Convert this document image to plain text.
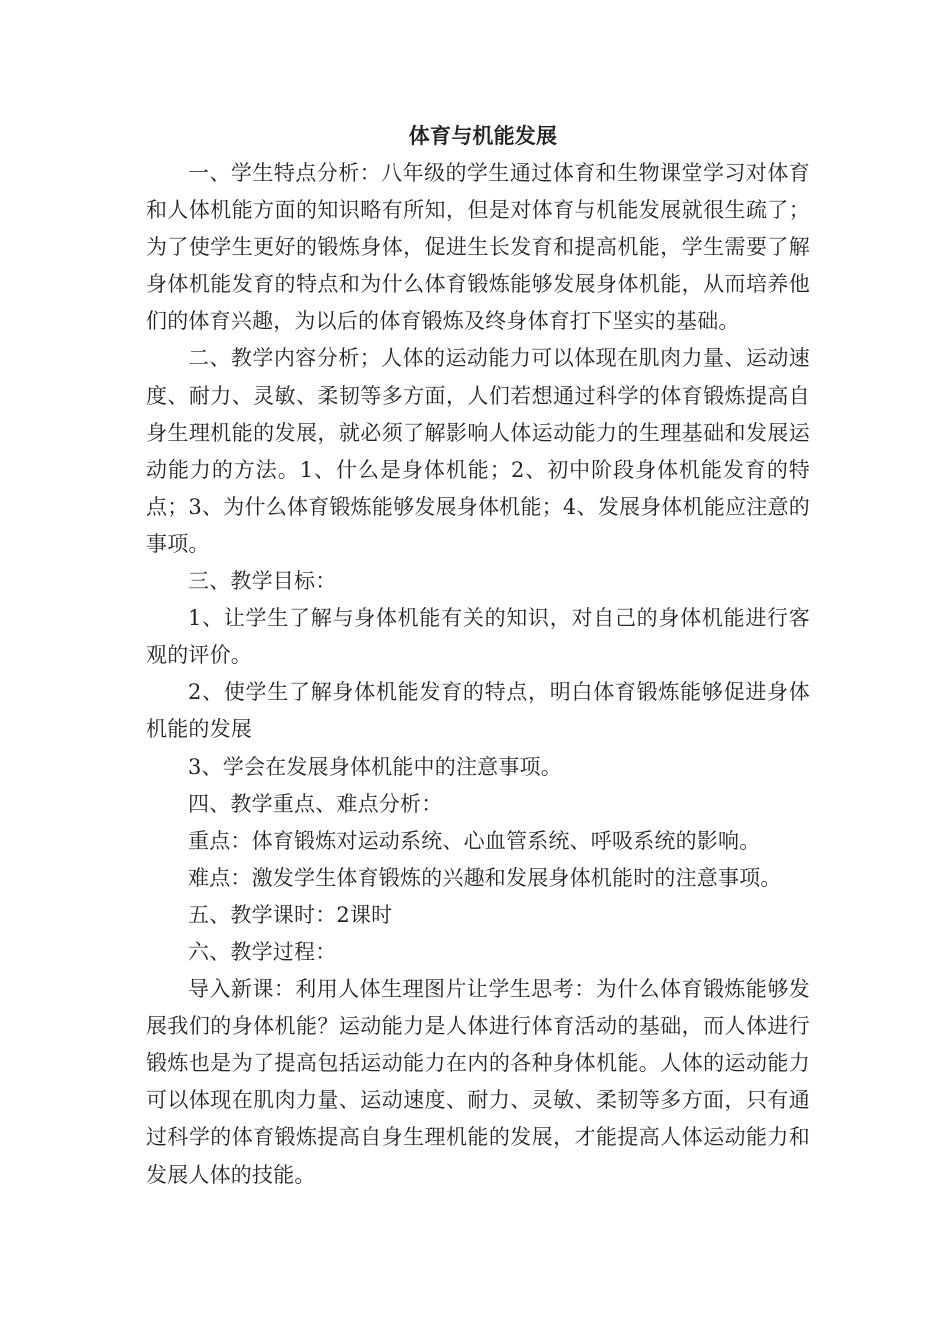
体育与机能发展

一、学生特点分析：八年级的学生通过体育和生物课堂学习对体育和人体机能方面的知识略有所知，但是对体育与机能发展就很生疏了；为了使学生更好的锻炼身体，促进生长发育和提高机能，学生需要了解身体机能发育的特点和为什么体育锻炼能够发展身体机能，从而培养他们的体育兴趣，为以后的体育锻炼及终身体育打下坚实的基础。

二、教学内容分析；人体的运动能力可以体现在肌肉力量、运动速度、耐力、灵敏、柔韧等多方面，人们若想通过科学的体育锻炼提高自身生理机能的发展，就必须了解影响人体运动能力的生理基础和发展运动能力的方法。1、什么是身体机能；2、初中阶段身体机能发育的特点；3、为什么体育锻炼能够发展身体机能；4、发展身体机能应注意的事项。

三、教学目标：

1、让学生了解与身体机能有关的知识，对自己的身体机能进行客观的评价。

2、使学生了解身体机能发育的特点，明白体育锻炼能够促进身体机能的发展

3、学会在发展身体机能中的注意事项。

四、教学重点、难点分析：

重点：体育锻炼对运动系统、心血管系统、呼吸系统的影响。

难点：激发学生体育锻炼的兴趣和发展身体机能时的注意事项。

五、教学课时：2课时

六、教学过程：

导入新课：利用人体生理图片让学生思考：为什么体育锻炼能够发展我们的身体机能？运动能力是人体进行体育活动的基础，而人体进行锻炼也是为了提高包括运动能力在内的各种身体机能。人体的运动能力可以体现在肌肉力量、运动速度、耐力、灵敏、柔韧等多方面，只有通过科学的体育锻炼提高自身生理机能的发展，才能提高人体运动能力和发展人体的技能。
